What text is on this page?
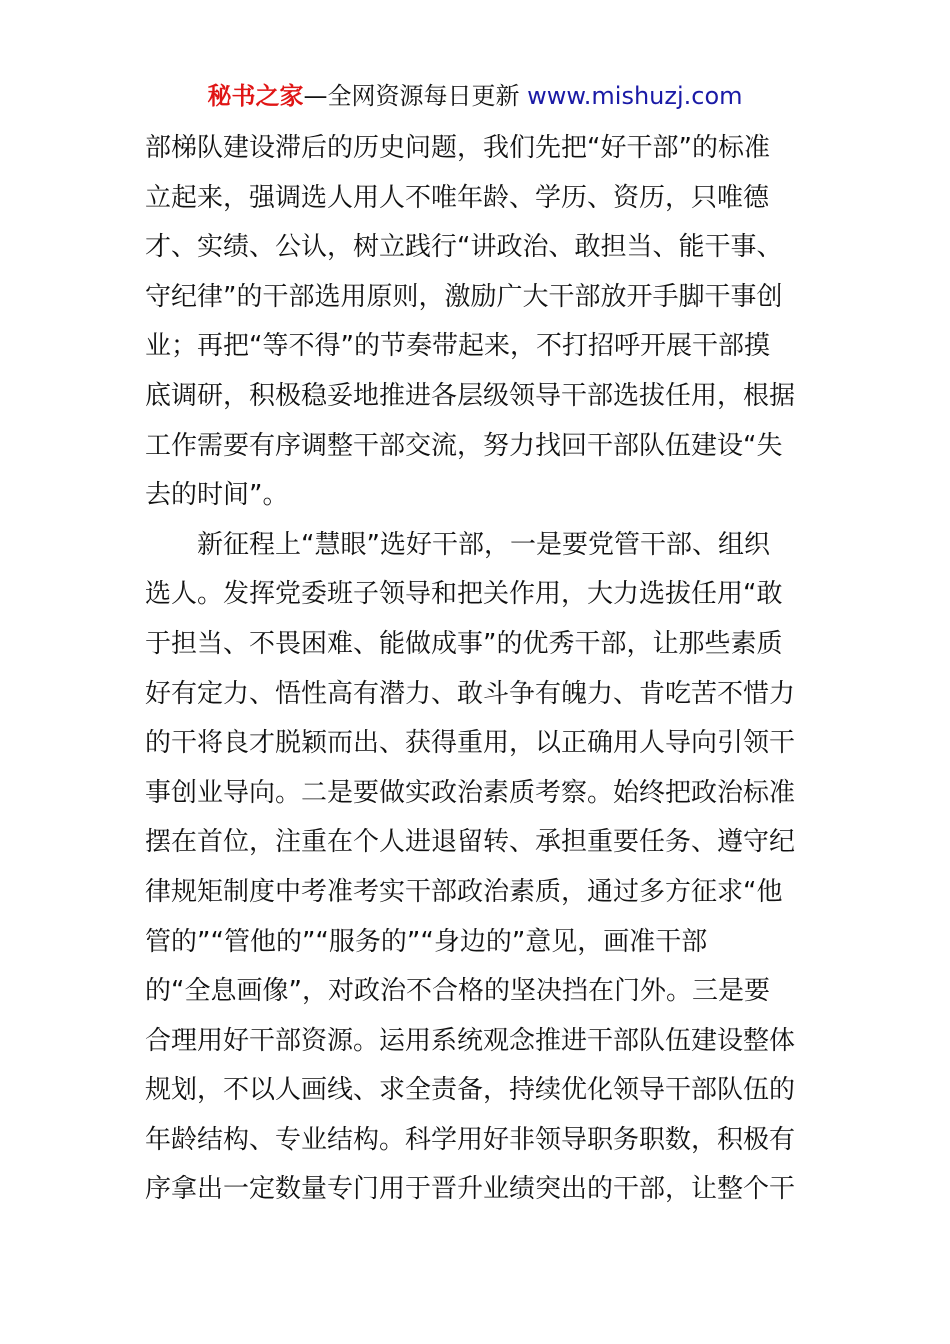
秘书之家—全网资源每日更新 www.mishuzj.com
部梯队建设滞后的历史问题，我们先把“好干部”的标准
立起来，强调选人用人不唯年龄、学历、资历，只唯德
才、实绩、公认，树立践行“讲政治、敢担当、能干事、
守纪律”的干部选用原则，激励广大干部放开手脚干事创
业；再把“等不得”的节奏带起来，不打招呼开展干部摸
底调研，积极稳妥地推进各层级领导干部选拔任用，根据
工作需要有序调整干部交流，努力找回干部队伍建设“失
去的时间”。
　　新征程上“慧眼”选好干部，一是要党管干部、组织
选人。发挥党委班子领导和把关作用，大力选拔任用“敢
于担当、不畏困难、能做成事”的优秀干部，让那些素质
好有定力、悟性高有潜力、敢斗争有魄力、肯吃苦不惜力
的干将良才脱颖而出、获得重用，以正确用人导向引领干
事创业导向。二是要做实政治素质考察。始终把政治标准
摆在首位，注重在个人进退留转、承担重要任务、遵守纪
律规矩制度中考准考实干部政治素质，通过多方征求“他
管的”“管他的”“服务的”“身边的”意见，画准干部
的“全息画像”，对政治不合格的坚决挡在门外。三是要
合理用好干部资源。运用系统观念推进干部队伍建设整体
规划，不以人画线、求全责备，持续优化领导干部队伍的
年龄结构、专业结构。科学用好非领导职务职数，积极有
序拿出一定数量专门用于晋升业绩突出的干部，让整个干
